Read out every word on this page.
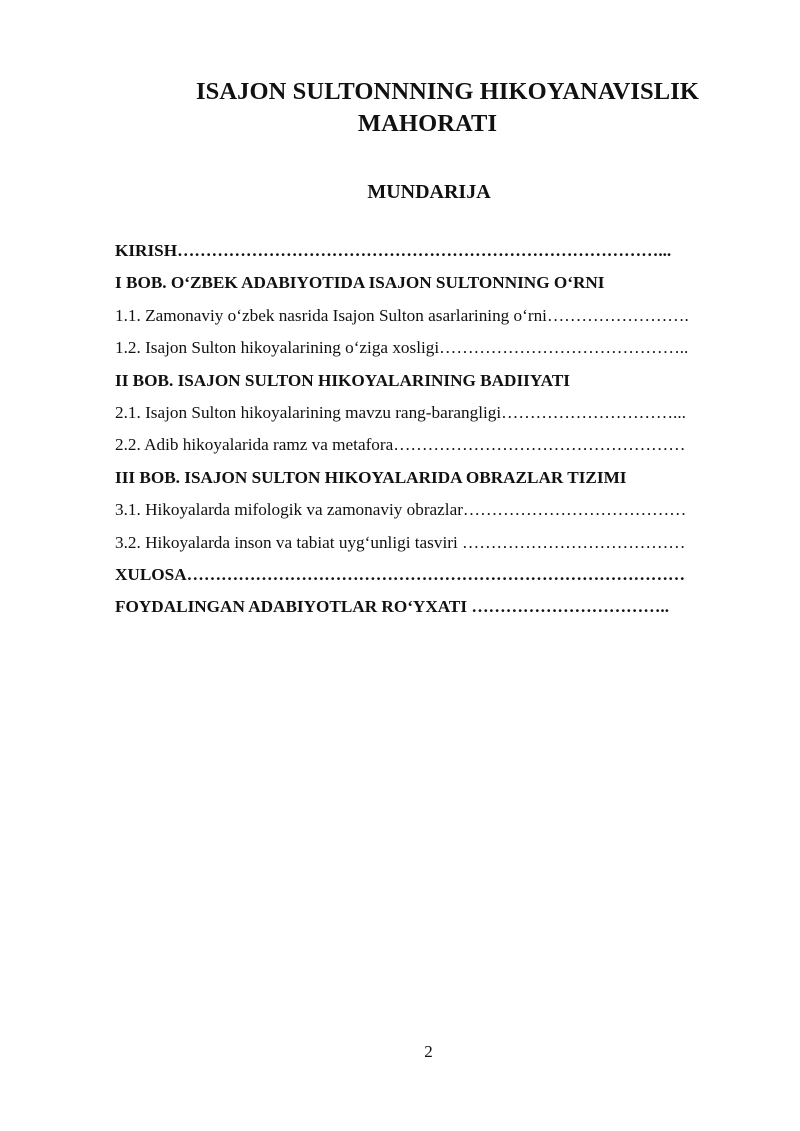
ISAJON SULTONNNING HIKOYANAVISLIK
MAHORATI
MUNDARIJA
KIRISH…………………………………………………………………………...
I BOB. O‘ZBEK ADABIYOTIDA ISAJON SULTONNING O‘RNI
1.1. Zamonaviy o‘zbek nasrida Isajon Sulton asarlarining o‘rni…………………….
1.2. Isajon Sulton hikoyalarining o‘ziga xosligi……………………………………..
II BOB. ISAJON SULTON HIKOYALARINING BADIIYATI
2.1. Isajon Sulton hikoyalarining mavzu rang-barangligi…………………………...
2.2. Adib hikoyalarida ramz va metafora……………………………………………
III BOB. ISAJON SULTON HIKOYALARIDA OBRAZLAR TIZIMI
3.1. Hikoyalarda mifologik va zamonaviy obrazlar…………………………………
3.2. Hikoyalarda inson va tabiat uyg‘unligi tasviri …………………………………
XULOSA……………………………………………………………………………
FOYDALINGAN ADABIYOTLAR RO‘YXATI ……………………………..
2
